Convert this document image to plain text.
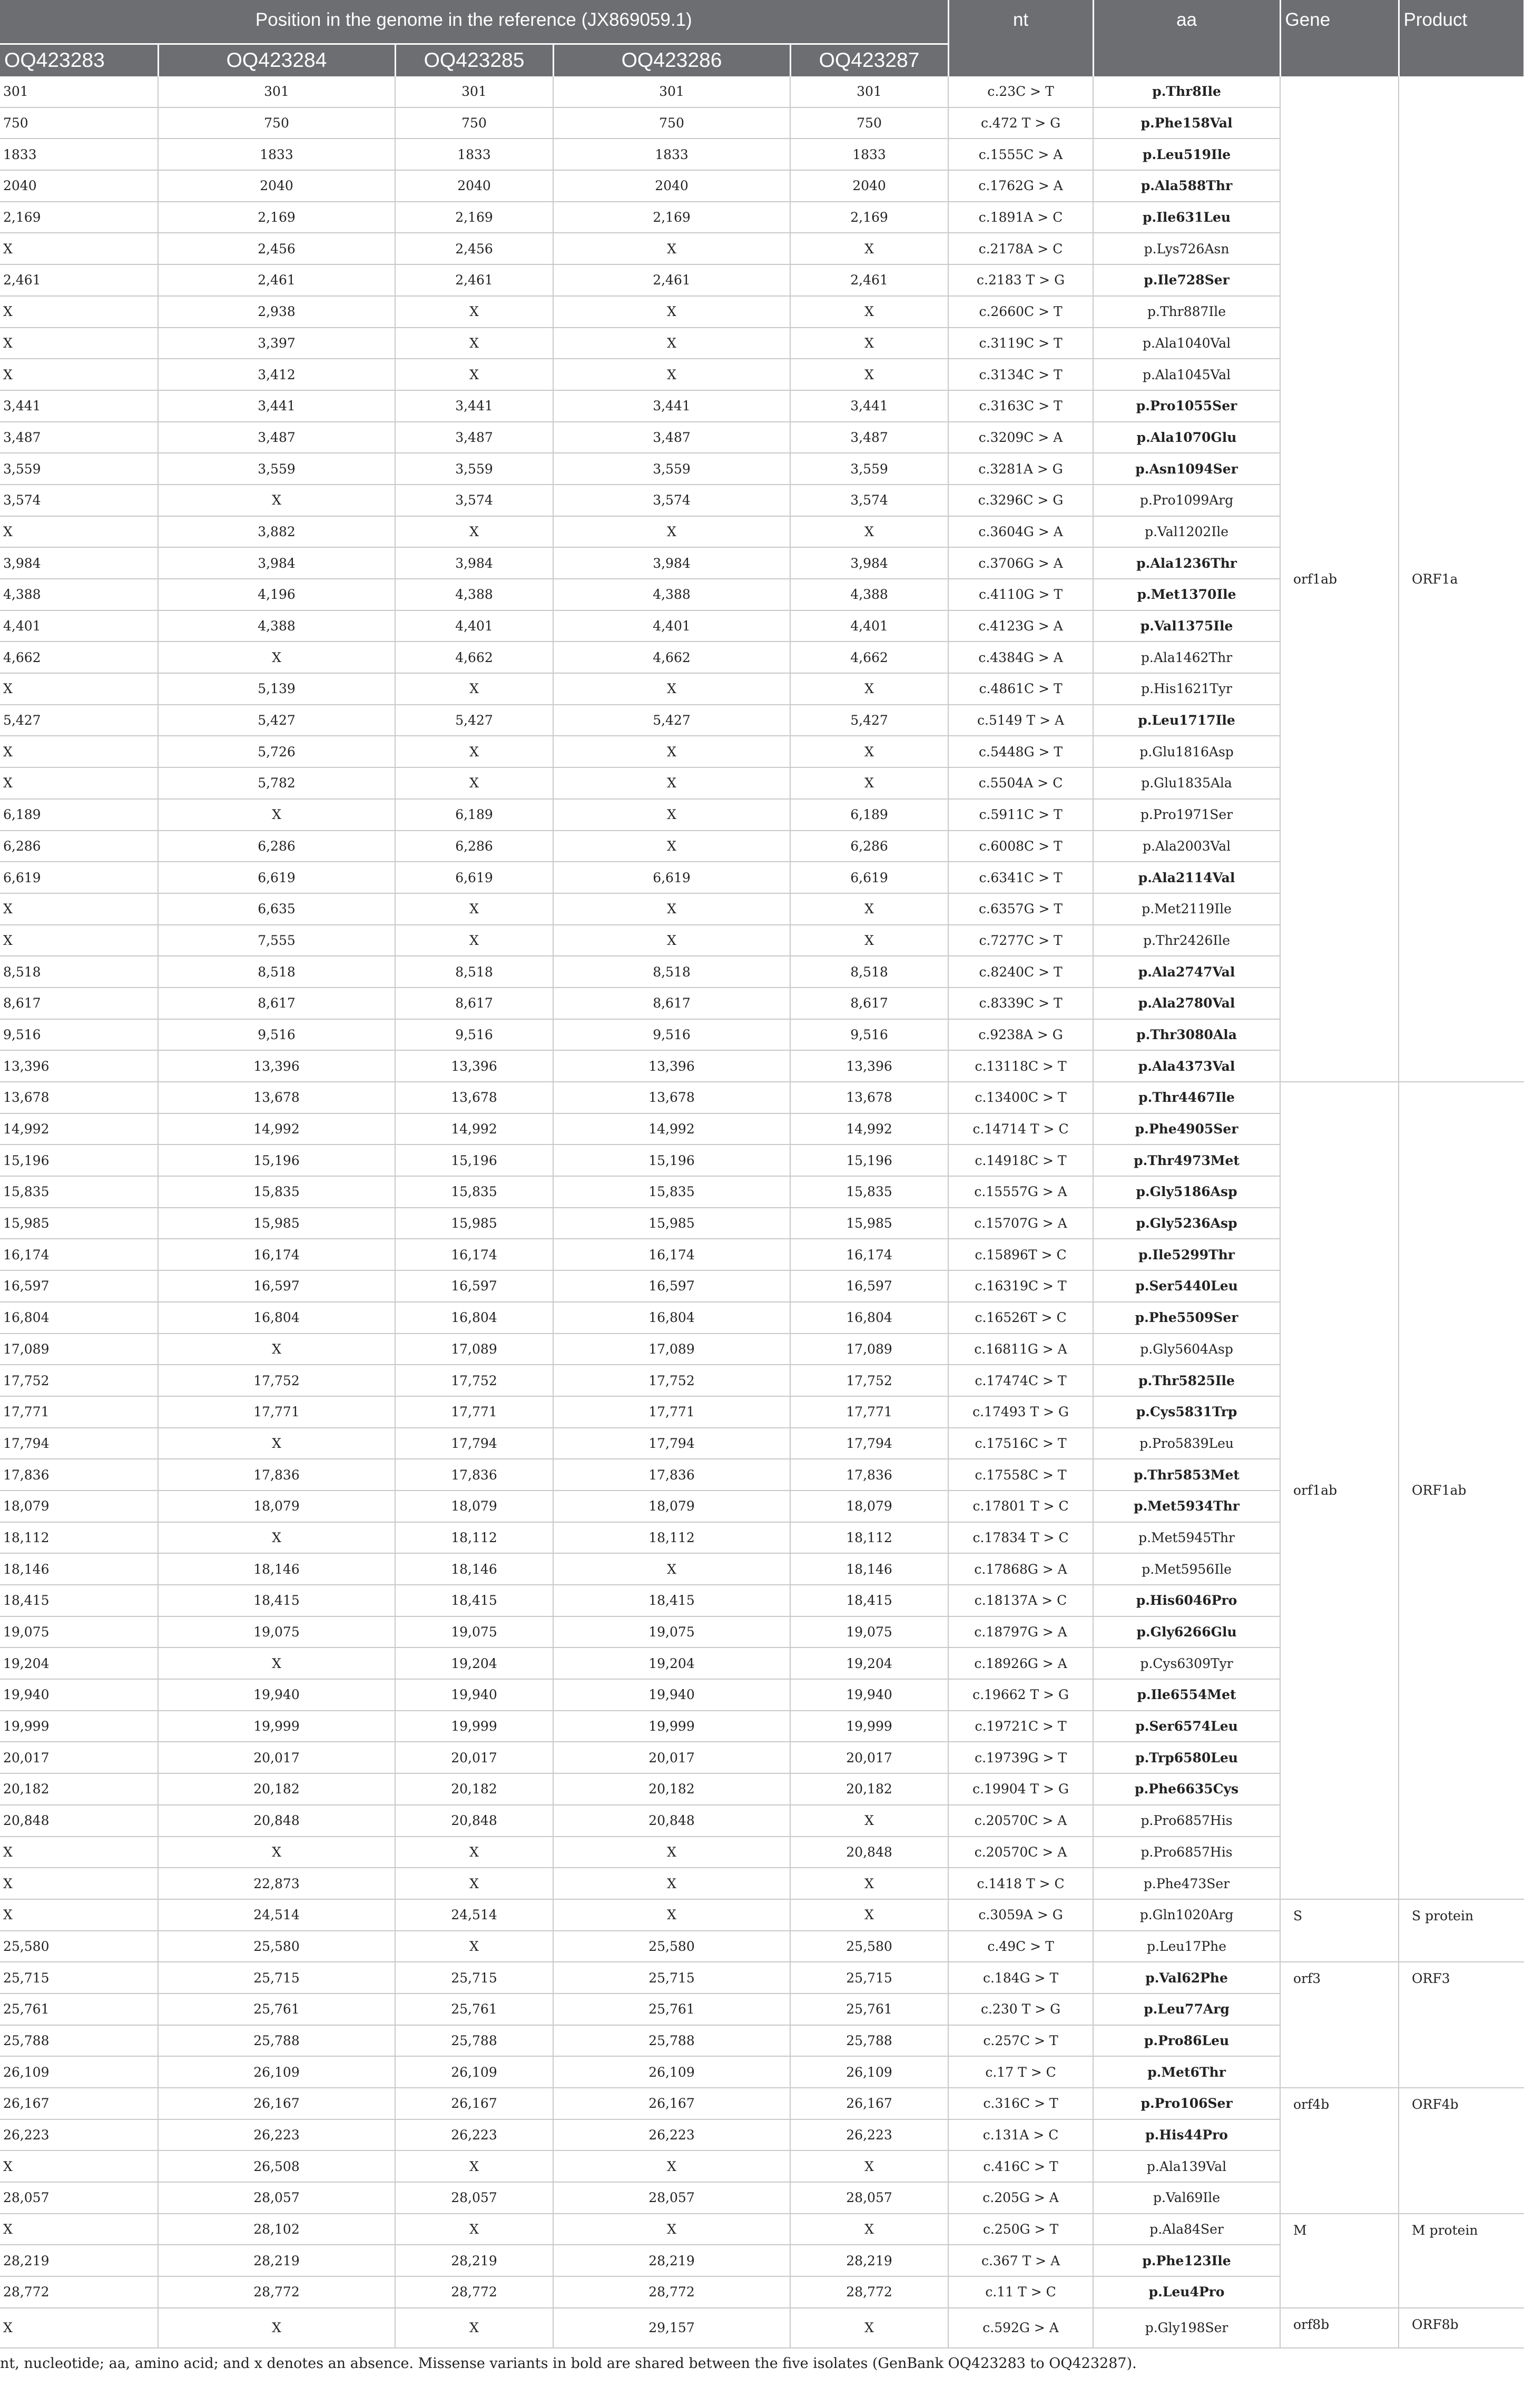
Position in the genome in the reference (JX869059.1)					nt	aa	Gene	Product
OQ423283	OQ423284	OQ423285	OQ423286	OQ423287				
301	301	301	301	301	c.23C > T	p.Thr8Ile	orf1ab	ORF1a
750	750	750	750	750	c.472 T > G	p.Phe158Val		
1833	1833	1833	1833	1833	c.1555C > A	p.Leu519Ile		
2040	2040	2040	2040	2040	c.1762G > A	p.Ala588Thr		
2,169	2,169	2,169	2,169	2,169	c.1891A > C	p.Ile631Leu		
X	2,456	2,456	X	X	c.2178A > C	p.Lys726Asn		
2,461	2,461	2,461	2,461	2,461	c.2183 T > G	p.Ile728Ser		
X	2,938	X	X	X	c.2660C > T	p.Thr887Ile		
X	3,397	X	X	X	c.3119C > T	p.Ala1040Val		
X	3,412	X	X	X	c.3134C > T	p.Ala1045Val		
3,441	3,441	3,441	3,441	3,441	c.3163C > T	p.Pro1055Ser		
3,487	3,487	3,487	3,487	3,487	c.3209C > A	p.Ala1070Glu		
3,559	3,559	3,559	3,559	3,559	c.3281A > G	p.Asn1094Ser		
3,574	X	3,574	3,574	3,574	c.3296C > G	p.Pro1099Arg		
X	3,882	X	X	X	c.3604G > A	p.Val1202Ile		
3,984	3,984	3,984	3,984	3,984	c.3706G > A	p.Ala1236Thr		
4,388	4,196	4,388	4,388	4,388	c.4110G > T	p.Met1370Ile		
4,401	4,388	4,401	4,401	4,401	c.4123G > A	p.Val1375Ile		
4,662	X	4,662	4,662	4,662	c.4384G > A	p.Ala1462Thr		
X	5,139	X	X	X	c.4861C > T	p.His1621Tyr		
5,427	5,427	5,427	5,427	5,427	c.5149 T > A	p.Leu1717Ile		
X	5,726	X	X	X	c.5448G > T	p.Glu1816Asp		
X	5,782	X	X	X	c.5504A > C	p.Glu1835Ala		
6,189	X	6,189	X	6,189	c.5911C > T	p.Pro1971Ser		
6,286	6,286	6,286	X	6,286	c.6008C > T	p.Ala2003Val		
6,619	6,619	6,619	6,619	6,619	c.6341C > T	p.Ala2114Val		
X	6,635	X	X	X	c.6357G > T	p.Met2119Ile		
X	7,555	X	X	X	c.7277C > T	p.Thr2426Ile		
8,518	8,518	8,518	8,518	8,518	c.8240C > T	p.Ala2747Val		
8,617	8,617	8,617	8,617	8,617	c.8339C > T	p.Ala2780Val		
9,516	9,516	9,516	9,516	9,516	c.9238A > G	p.Thr3080Ala		
13,396	13,396	13,396	13,396	13,396	c.13118C > T	p.Ala4373Val		
13,678	13,678	13,678	13,678	13,678	c.13400C > T	p.Thr4467Ile	orf1ab	ORF1ab
14,992	14,992	14,992	14,992	14,992	c.14714 T > C	p.Phe4905Ser		
15,196	15,196	15,196	15,196	15,196	c.14918C > T	p.Thr4973Met		
15,835	15,835	15,835	15,835	15,835	c.15557G > A	p.Gly5186Asp		
15,985	15,985	15,985	15,985	15,985	c.15707G > A	p.Gly5236Asp		
16,174	16,174	16,174	16,174	16,174	c.15896T > C	p.Ile5299Thr		
16,597	16,597	16,597	16,597	16,597	c.16319C > T	p.Ser5440Leu		
16,804	16,804	16,804	16,804	16,804	c.16526T > C	p.Phe5509Ser		
17,089	X	17,089	17,089	17,089	c.16811G > A	p.Gly5604Asp		
17,752	17,752	17,752	17,752	17,752	c.17474C > T	p.Thr5825Ile		
17,771	17,771	17,771	17,771	17,771	c.17493 T > G	p.Cys5831Trp		
17,794	X	17,794	17,794	17,794	c.17516C > T	p.Pro5839Leu		
17,836	17,836	17,836	17,836	17,836	c.17558C > T	p.Thr5853Met		
18,079	18,079	18,079	18,079	18,079	c.17801 T > C	p.Met5934Thr		
18,112	X	18,112	18,112	18,112	c.17834 T > C	p.Met5945Thr		
18,146	18,146	18,146	X	18,146	c.17868G > A	p.Met5956Ile		
18,415	18,415	18,415	18,415	18,415	c.18137A > C	p.His6046Pro		
19,075	19,075	19,075	19,075	19,075	c.18797G > A	p.Gly6266Glu		
19,204	X	19,204	19,204	19,204	c.18926G > A	p.Cys6309Tyr		
19,940	19,940	19,940	19,940	19,940	c.19662 T > G	p.Ile6554Met		
19,999	19,999	19,999	19,999	19,999	c.19721C > T	p.Ser6574Leu		
20,017	20,017	20,017	20,017	20,017	c.19739G > T	p.Trp6580Leu		
20,182	20,182	20,182	20,182	20,182	c.19904 T > G	p.Phe6635Cys		
20,848	20,848	20,848	20,848	X	c.20570C > A	p.Pro6857His		
X	X	X	X	20,848	c.20570C > A	p.Pro6857His		
X	22,873	X	X	X	c.1418 T > C	p.Phe473Ser		
X	24,514	24,514	X	X	c.3059A > G	p.Gln1020Arg	S	S protein
25,580	25,580	X	25,580	25,580	c.49C > T	p.Leu17Phe		
25,715	25,715	25,715	25,715	25,715	c.184G > T	p.Val62Phe	orf3	ORF3
25,761	25,761	25,761	25,761	25,761	c.230 T > G	p.Leu77Arg		
25,788	25,788	25,788	25,788	25,788	c.257C > T	p.Pro86Leu		
26,109	26,109	26,109	26,109	26,109	c.17 T > C	p.Met6Thr		
26,167	26,167	26,167	26,167	26,167	c.316C > T	p.Pro106Ser	orf4b	ORF4b
26,223	26,223	26,223	26,223	26,223	c.131A > C	p.His44Pro		
X	26,508	X	X	X	c.416C > T	p.Ala139Val		
28,057	28,057	28,057	28,057	28,057	c.205G > A	p.Val69Ile		
X	28,102	X	X	X	c.250G > T	p.Ala84Ser	M	M protein
28,219	28,219	28,219	28,219	28,219	c.367 T > A	p.Phe123Ile		
28,772	28,772	28,772	28,772	28,772	c.11 T > C	p.Leu4Pro		
X	X	X	29,157	X	c.592G > A	p.Gly198Ser	orf8b	ORF8b
nt, nucleotide; aa, amino acid; and x denotes an absence. Missense variants in bold are shared between the five isolates (GenBank OQ423283 to OQ423287).
